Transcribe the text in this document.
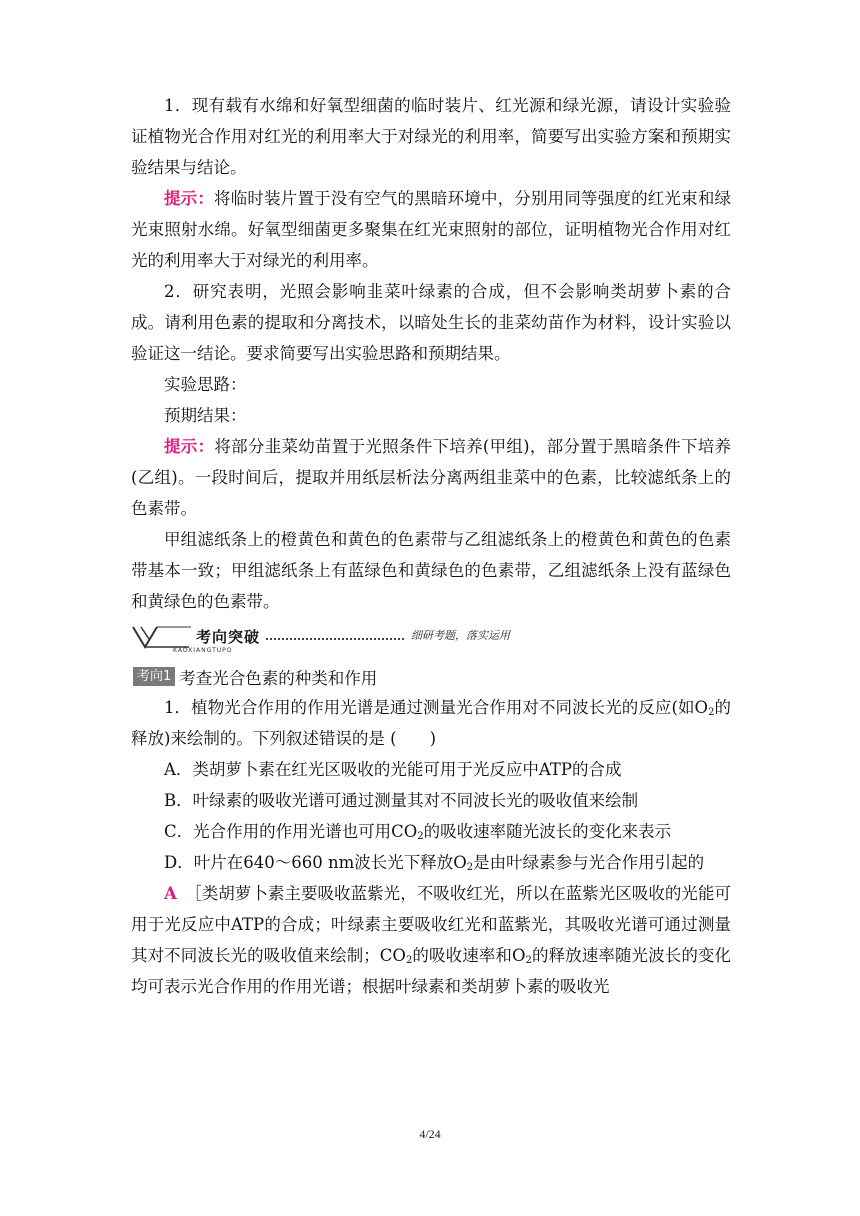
1．现有载有水绵和好氧型细菌的临时装片、红光源和绿光源，请设计实验验证植物光合作用对红光的利用率大于对绿光的利用率，简要写出实验方案和预期实验结果与结论。

提示：将临时装片置于没有空气的黑暗环境中，分别用同等强度的红光束和绿光束照射水绵。好氧型细菌更多聚集在红光束照射的部位，证明植物光合作用对红光的利用率大于对绿光的利用率。

2．研究表明，光照会影响韭菜叶绿素的合成，但不会影响类胡萝卜素的合成。请利用色素的提取和分离技术，以暗处生长的韭菜幼苗作为材料，设计实验以验证这一结论。要求简要写出实验思路和预期结果。

实验思路：

预期结果：

提示：将部分韭菜幼苗置于光照条件下培养(甲组)，部分置于黑暗条件下培养(乙组)。一段时间后，提取并用纸层析法分离两组韭菜中的色素，比较滤纸条上的色素带。

甲组滤纸条上的橙黄色和黄色的色素带与乙组滤纸条上的橙黄色和黄色的色素带基本一致；甲组滤纸条上有蓝绿色和黄绿色的色素带，乙组滤纸条上没有蓝绿色和黄绿色的色素带。

考向突破
KAOXIANGTUPO
细研考题，落实运用
考向1 考查光合色素的种类和作用

1．植物光合作用的作用光谱是通过测量光合作用对不同波长光的反应(如$O_2$的释放)来绘制的。下列叙述错误的是 (　　)

A．类胡萝卜素在红光区吸收的光能可用于光反应中ATP的合成

B．叶绿素的吸收光谱可通过测量其对不同波长光的吸收值来绘制

C．光合作用的作用光谱也可用$CO_2$的吸收速率随光波长的变化来表示

D．叶片在640～660 nm波长光下释放$O_2$是由叶绿素参与光合作用引起的

A　 ［类胡萝卜素主要吸收蓝紫光，不吸收红光，所以在蓝紫光区吸收的光能可用于光反应中ATP的合成；叶绿素主要吸收红光和蓝紫光，其吸收光谱可通过测量其对不同波长光的吸收值来绘制；$CO_2$的吸收速率和$O_2$的释放速率随光波长的变化均可表示光合作用的作用光谱；根据叶绿素和类胡萝卜素的吸收光

4/24
